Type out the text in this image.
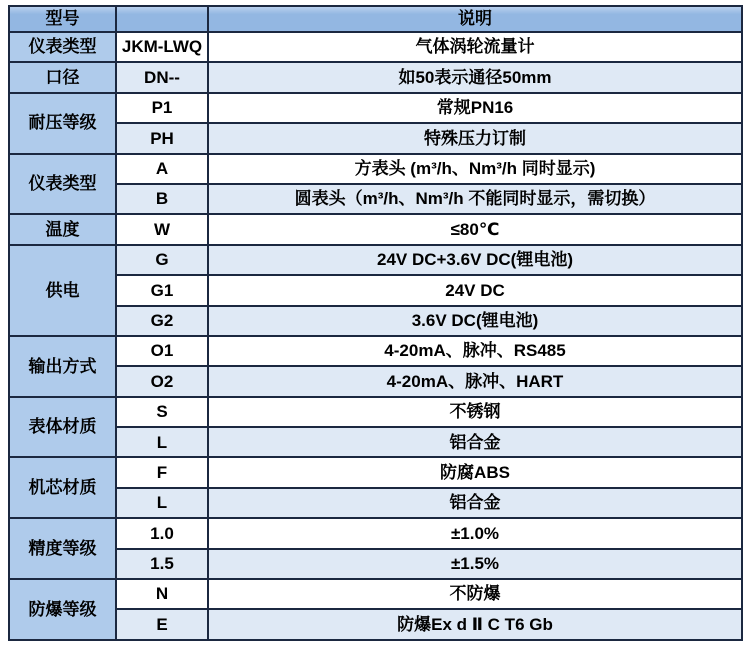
型号		说明
仪表类型	JKM-LWQ	气体涡轮流量计
口径	DN--	如50表示通径50mm
耐压等级	P1	常规PN16
	PH	特殊压力订制
仪表类型	A	方表头 (m³/h、Nm³/h 同时显示)
	B	圆表头（m³/h、Nm³/h 不能同时显示，需切换）
温度	W	≤80℃
供电	G	24V DC+3.6V DC(锂电池)
	G1	24V DC
	G2	3.6V DC(锂电池)
输出方式	O1	4-20mA、脉冲、RS485
	O2	4-20mA、脉冲、HART
表体材质	S	不锈钢
	L	铝合金
机芯材质	F	防腐ABS
	L	铝合金
精度等级	1.0	±1.0%
	1.5	±1.5%
防爆等级	N	不防爆
	E	防爆Ex d Ⅱ C T6 Gb
